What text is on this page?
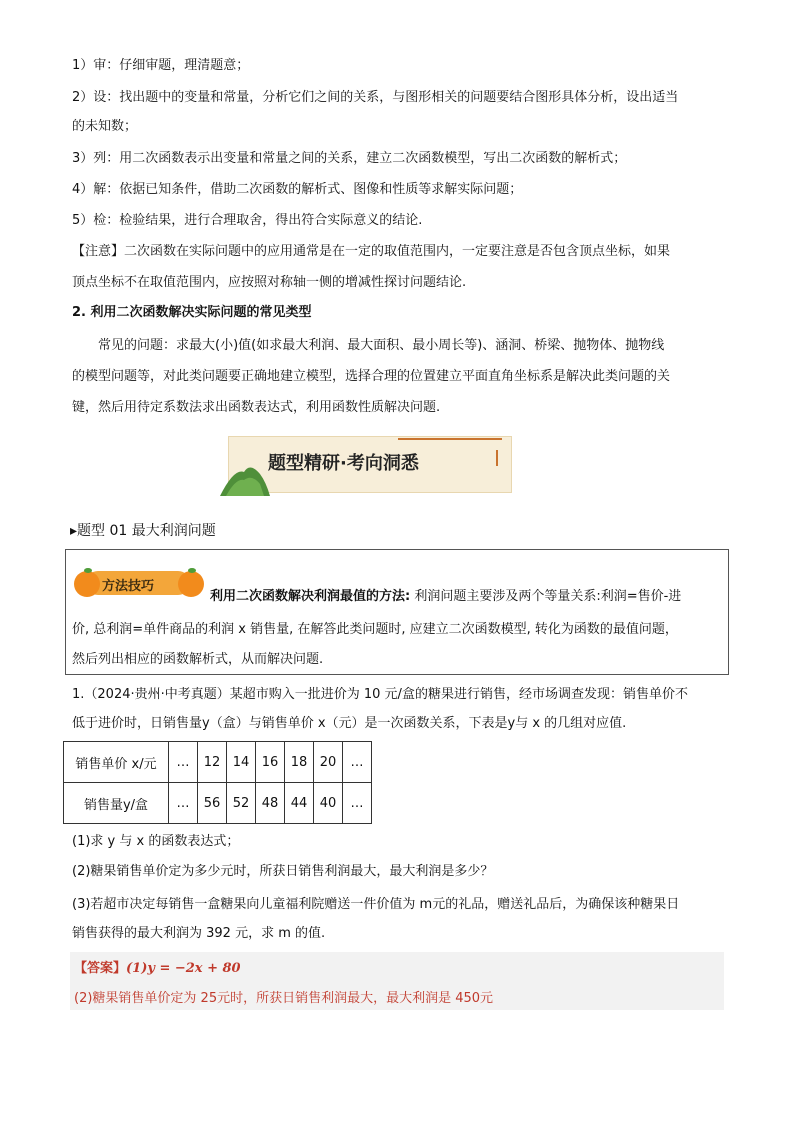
1）审：仔细审题，理清题意；
2）设：找出题中的变量和常量，分析它们之间的关系，与图形相关的问题要结合图形具体分析，设出适当
的未知数；
3）列：用二次函数表示出变量和常量之间的关系，建立二次函数模型，写出二次函数的解析式；
4）解：依据已知条件，借助二次函数的解析式、图像和性质等求解实际问题；
5）检：检验结果，进行合理取舍，得出符合实际意义的结论.
【注意】二次函数在实际问题中的应用通常是在一定的取值范围内，一定要注意是否包含顶点坐标，如果
顶点坐标不在取值范围内，应按照对称轴一侧的增减性探讨问题结论.
2. 利用二次函数解决实际问题的常见类型
常见的问题：求最大(小)值(如求最大利润、最大面积、最小周长等)、涵洞、桥梁、抛物体、抛物线
的模型问题等，对此类问题要正确地建立模型，选择合理的位置建立平面直角坐标系是解决此类问题的关
键，然后用待定系数法求出函数表达式，利用函数性质解决问题.
题型精研·考向洞悉
▸题型 01 最大利润问题
方法技巧
利用二次函数解决利润最值的方法: 利润问题主要涉及两个等量关系:利润=售价-进
价, 总利润=单件商品的利润 x 销售量, 在解答此类问题时, 应建立二次函数模型, 转化为函数的最值问题，
然后列出相应的函数解析式，从而解决问题.
1.（2024·贵州·中考真题）某超市购入一批进价为 10 元/盒的糖果进行销售，经市场调查发现：销售单价不
低于进价时，日销售量y（盒）与销售单价 x（元）是一次函数关系，下表是y与 x 的几组对应值.
销售单价 x/元	…	12	14	16	18	20	…
销售量y/盒	…	56	52	48	44	40	…
(1)求 y 与 x 的函数表达式；
(2)糖果销售单价定为多少元时，所获日销售利润最大，最大利润是多少？
(3)若超市决定每销售一盒糖果向儿童福利院赠送一件价值为 m元的礼品，赠送礼品后，为确保该种糖果日
销售获得的最大利润为 392 元，求 m 的值.
【答案】(1)y = −2x + 80
(2)糖果销售单价定为 25元时，所获日销售利润最大，最大利润是 450元
